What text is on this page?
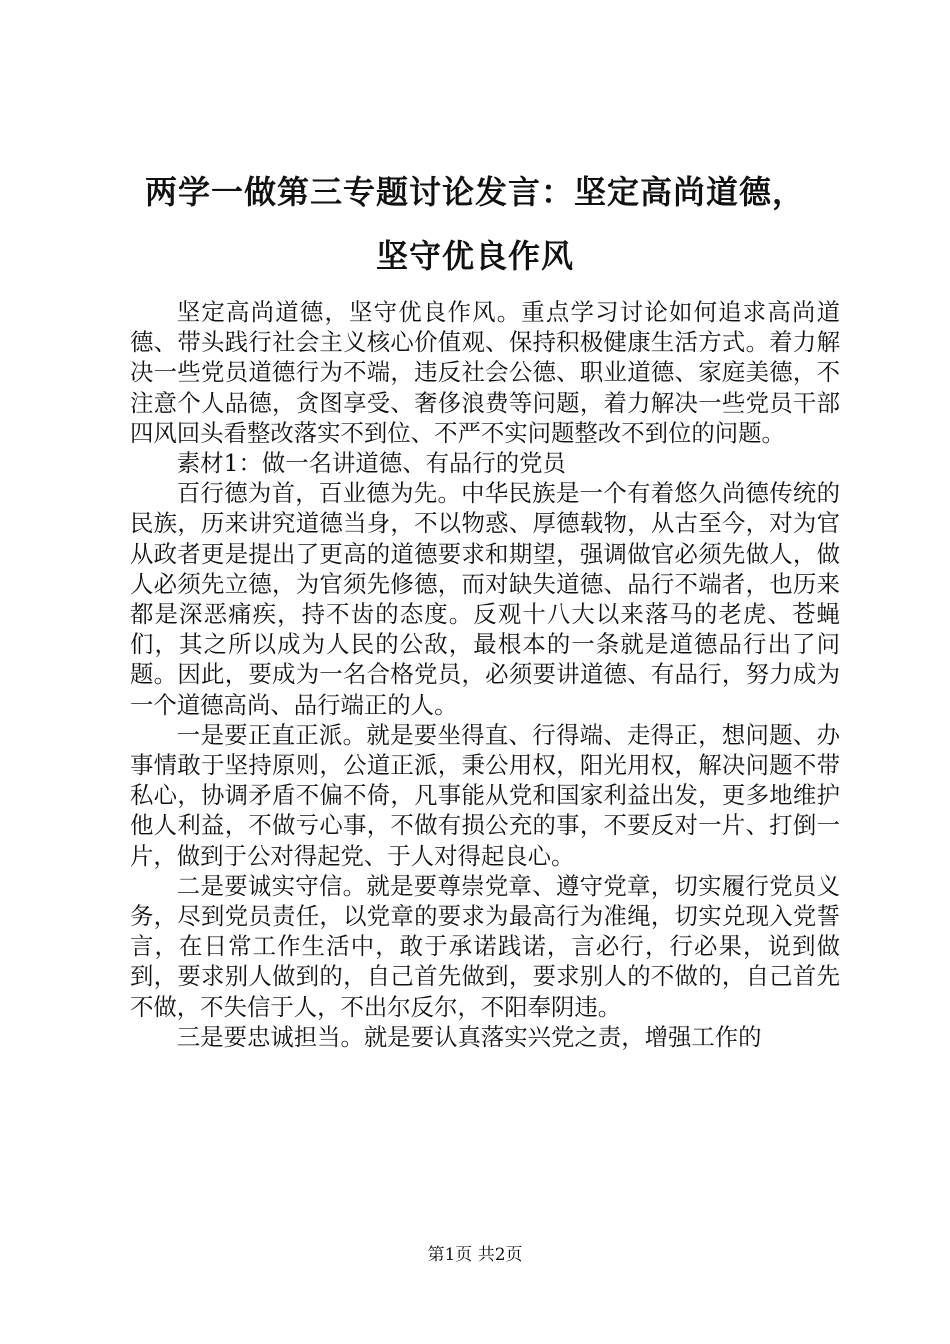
两学一做第三专题讨论发言：坚定高尚道德，
坚守优良作风

坚定高尚道德，坚守优良作风。重点学习讨论如何追求高尚道德、带头践行社会主义核心价值观、保持积极健康生活方式。着力解决一些党员道德行为不端，违反社会公德、职业道德、家庭美德，不注意个人品德，贪图享受、奢侈浪费等问题，着力解决一些党员干部四风回头看整改落实不到位、不严不实问题整改不到位的问题。

素材1：做一名讲道德、有品行的党员

百行德为首，百业德为先。中华民族是一个有着悠久尚德传统的民族，历来讲究道德当身，不以物惑、厚德载物，从古至今，对为官从政者更是提出了更高的道德要求和期望，强调做官必须先做人，做人必须先立德，为官须先修德，而对缺失道德、品行不端者，也历来都是深恶痛疾，持不齿的态度。反观十八大以来落马的老虎、苍蝇们，其之所以成为人民的公敌，最根本的一条就是道德品行出了问题。因此，要成为一名合格党员，必须要讲道德、有品行，努力成为一个道德高尚、品行端正的人。

一是要正直正派。就是要坐得直、行得端、走得正，想问题、办事情敢于坚持原则，公道正派，秉公用权，阳光用权，解决问题不带私心，协调矛盾不偏不倚，凡事能从党和国家利益出发，更多地维护他人利益，不做亏心事，不做有损公充的事，不要反对一片、打倒一片，做到于公对得起党、于人对得起良心。

二是要诚实守信。就是要尊崇党章、遵守党章，切实履行党员义务，尽到党员责任，以党章的要求为最高行为准绳，切实兑现入党誓言，在日常工作生活中，敢于承诺践诺，言必行，行必果，说到做到，要求别人做到的，自己首先做到，要求别人的不做的，自己首先不做，不失信于人，不出尔反尔，不阳奉阴违。

三是要忠诚担当。就是要认真落实兴党之责，增强工作的

第1页 共2页
